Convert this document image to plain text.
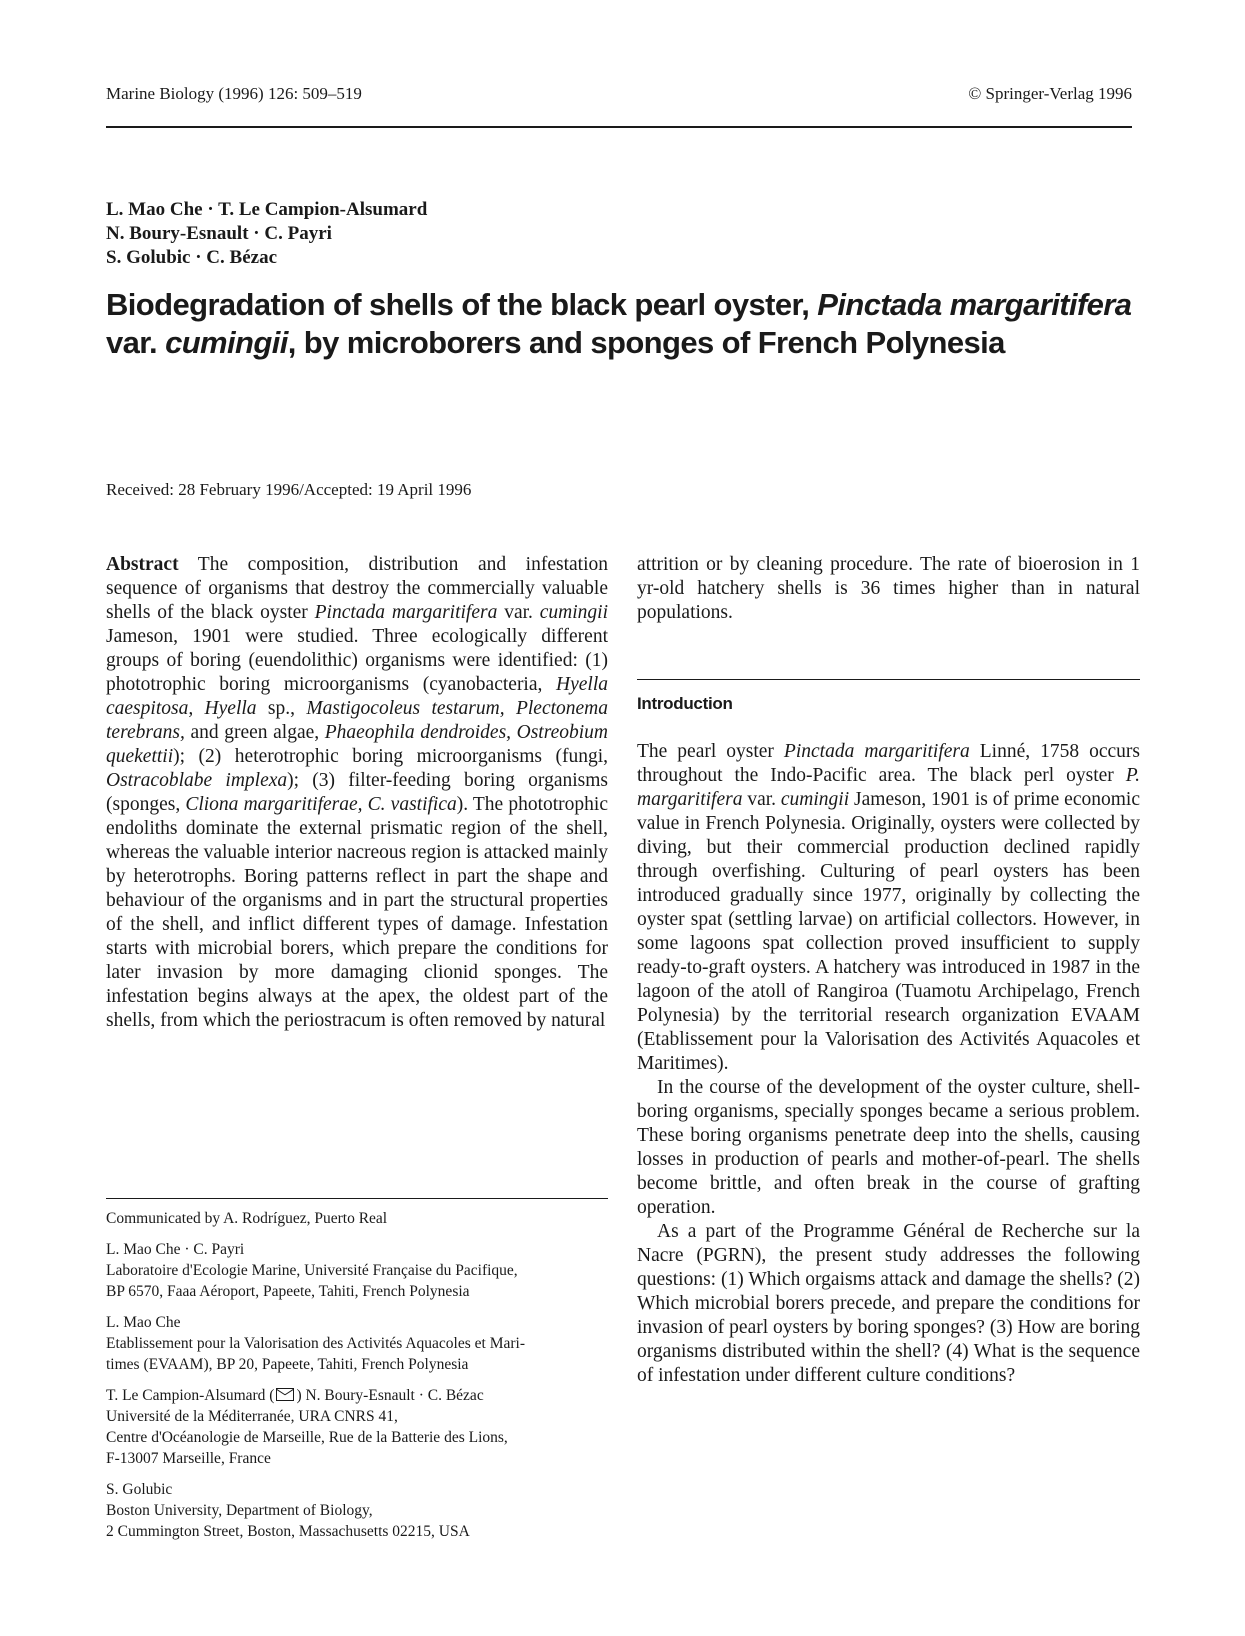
Marine Biology (1996) 126: 509–519	© Springer-Verlag 1996
L. Mao Che · T. Le Campion-Alsumard
N. Boury-Esnault · C. Payri
S. Golubic · C. Bézac
Biodegradation of shells of the black pearl oyster, Pinctada margaritifera
var. cumingii, by microborers and sponges of French Polynesia
Received: 28 February 1996/Accepted: 19 April 1996

Abstract The composition, distribution and infestation sequence of organisms that destroy the commercially valuable shells of the black oyster Pinctada margaritifera var. cumingii Jameson, 1901 were studied. Three ecologically different groups of boring (euendolithic) organisms were identified: (1) phototrophic boring microorganisms (cyanobacteria, Hyella caespitosa, Hyella sp., Mastigocoleus testarum, Plectonema terebrans, and green algae, Phaeophila dendroides, Ostreobium quekettii); (2) heterotrophic boring microorganisms (fungi, Ostracoblabe implexa); (3) filter-feeding boring organisms (sponges, Cliona margaritiferae, C. vastifica). The phototrophic endoliths dominate the external prismatic region of the shell, whereas the valuable interior nacreous region is attacked mainly by heterotrophs. Boring patterns reflect in part the shape and behaviour of the organisms and in part the structural properties of the shell, and inflict different types of damage. Infestation starts with microbial borers, which prepare the conditions for later invasion by more damaging clionid sponges. The infestation begins always at the apex, the oldest part of the shells, from which the periostracum is often removed by natural

attrition or by cleaning procedure. The rate of bioerosion in 1 yr-old hatchery shells is 36 times higher than in natural populations.

Introduction

The pearl oyster Pinctada margaritifera Linné, 1758 occurs throughout the Indo-Pacific area. The black perl oyster P. margaritifera var. cumingii Jameson, 1901 is of prime economic value in French Polynesia. Originally, oysters were collected by diving, but their commercial production declined rapidly through overfishing. Culturing of pearl oysters has been introduced gradually since 1977, originally by collecting the oyster spat (settling larvae) on artificial collectors. However, in some lagoons spat collection proved insufficient to supply ready-to-graft oysters. A hatchery was introduced in 1987 in the lagoon of the atoll of Rangiroa (Tuamotu Archipelago, French Polynesia) by the territorial research organization EVAAM (Etablissement pour la Valorisation des Activités Aquacoles et Maritimes).

In the course of the development of the oyster culture, shell-boring organisms, specially sponges became a serious problem. These boring organisms penetrate deep into the shells, causing losses in production of pearls and mother-of-pearl. The shells become brittle, and often break in the course of grafting operation.

As a part of the Programme Général de Recherche sur la Nacre (PGRN), the present study addresses the following questions: (1) Which orgaisms attack and damage the shells? (2) Which microbial borers precede, and prepare the conditions for invasion of pearl oysters by boring sponges? (3) How are boring organisms distributed within the shell? (4) What is the sequence of infestation under different culture conditions?

Communicated by A. Rodríguez, Puerto Real
L. Mao Che · C. Payri
Laboratoire d'Ecologie Marine, Université Française du Pacifique,
BP 6570, Faaa Aéroport, Papeete, Tahiti, French Polynesia
L. Mao Che
Etablissement pour la Valorisation des Activités Aquacoles et Mari-
times (EVAAM), BP 20, Papeete, Tahiti, French Polynesia
T. Le Campion-Alsumard ( ) N. Boury-Esnault · C. Bézac
Université de la Méditerranée, URA CNRS 41,
Centre d'Océanologie de Marseille, Rue de la Batterie des Lions,
F-13007 Marseille, France
S. Golubic
Boston University, Department of Biology,
2 Cummington Street, Boston, Massachusetts 02215, USA
